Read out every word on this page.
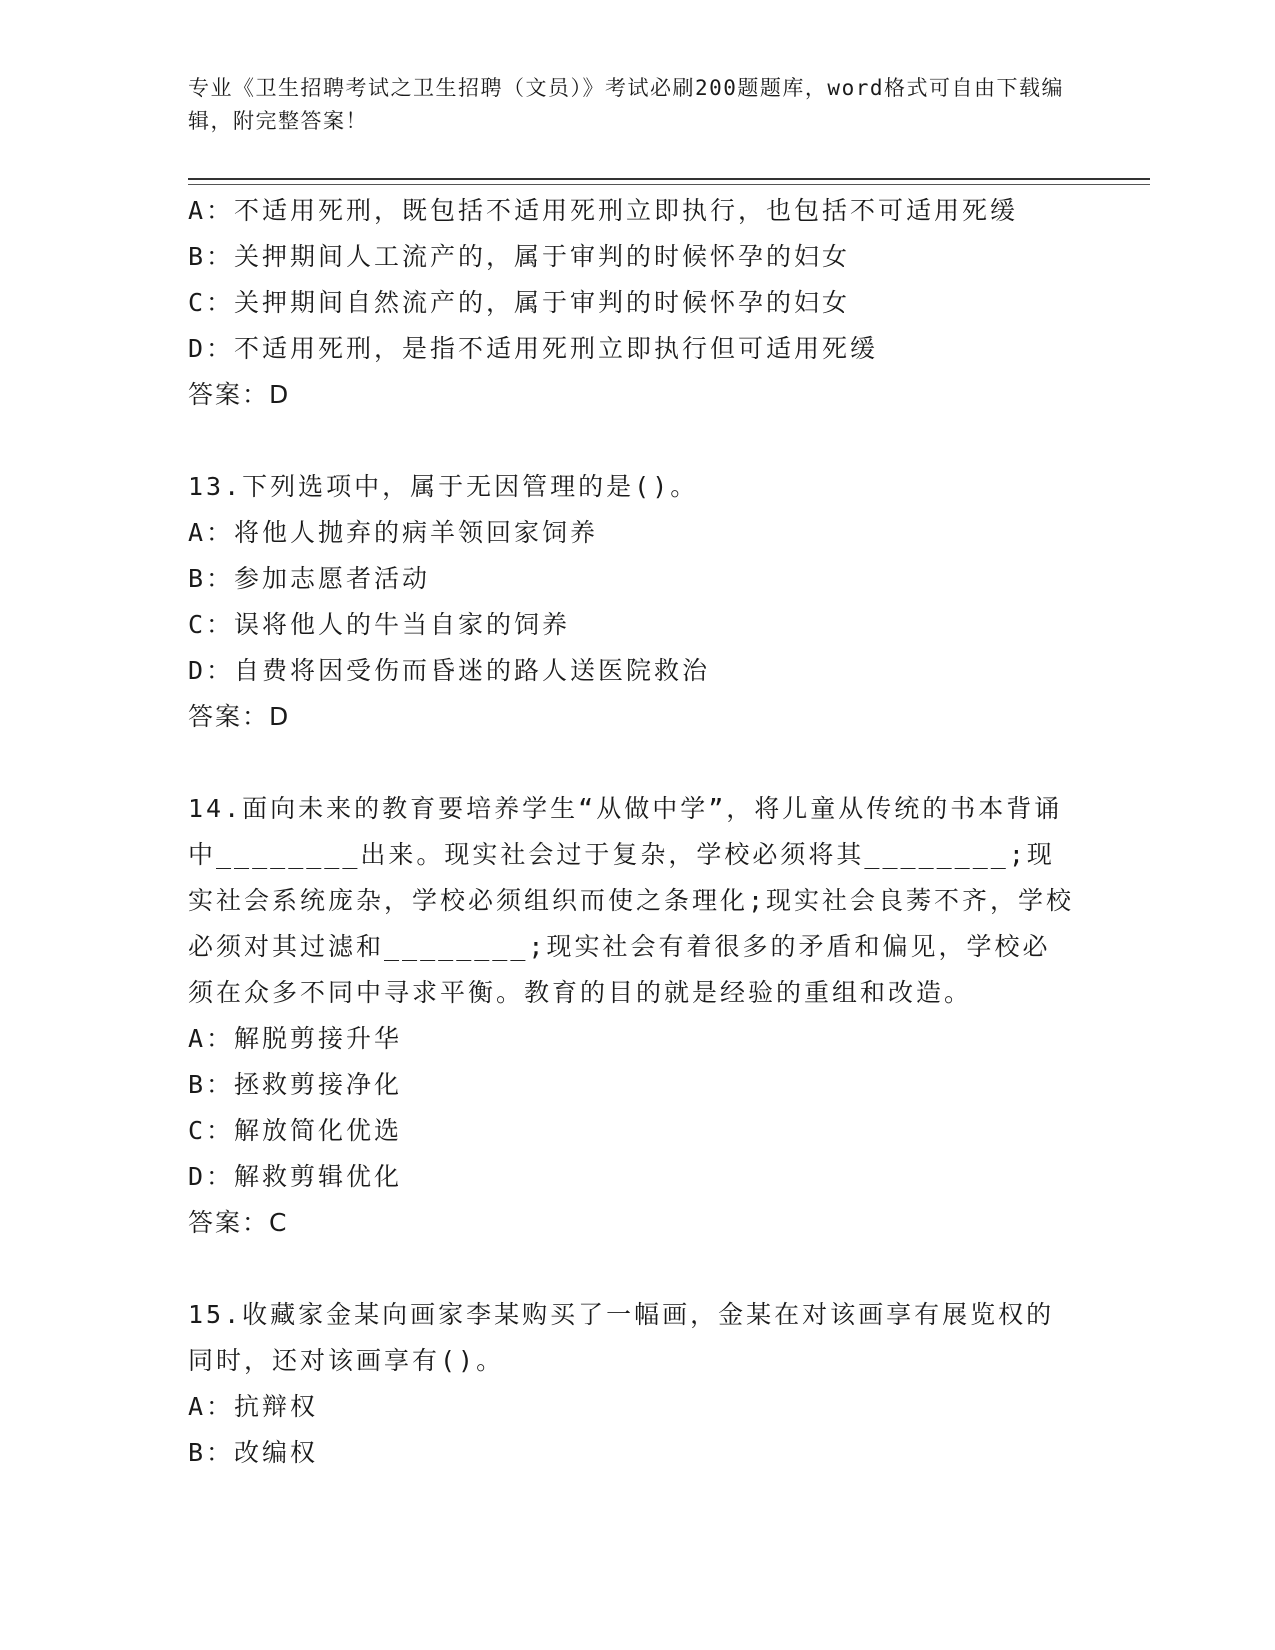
专业《卫生招聘考试之卫生招聘（文员）》考试必刷200题题库，word格式可自由下载编辑，附完整答案！
A：不适用死刑，既包括不适用死刑立即执行，也包括不可适用死缓
B：关押期间人工流产的，属于审判的时候怀孕的妇女
C：关押期间自然流产的，属于审判的时候怀孕的妇女
D：不适用死刑，是指不适用死刑立即执行但可适用死缓
答案：D
13.下列选项中，属于无因管理的是()。
A：将他人抛弃的病羊领回家饲养
B：参加志愿者活动
C：误将他人的牛当自家的饲养
D：自费将因受伤而昏迷的路人送医院救治
答案：D
14.面向未来的教育要培养学生“从做中学”，将儿童从传统的书本背诵中________出来。现实社会过于复杂，学校必须将其________;现实社会系统庞杂，学校必须组织而使之条理化;现实社会良莠不齐，学校必须对其过滤和________;现实社会有着很多的矛盾和偏见，学校必须在众多不同中寻求平衡。教育的目的就是经验的重组和改造。
A：解脱剪接升华
B：拯救剪接净化
C：解放简化优选
D：解救剪辑优化
答案：C
15.收藏家金某向画家李某购买了一幅画，金某在对该画享有展览权的同时，还对该画享有()。
A：抗辩权
B：改编权
